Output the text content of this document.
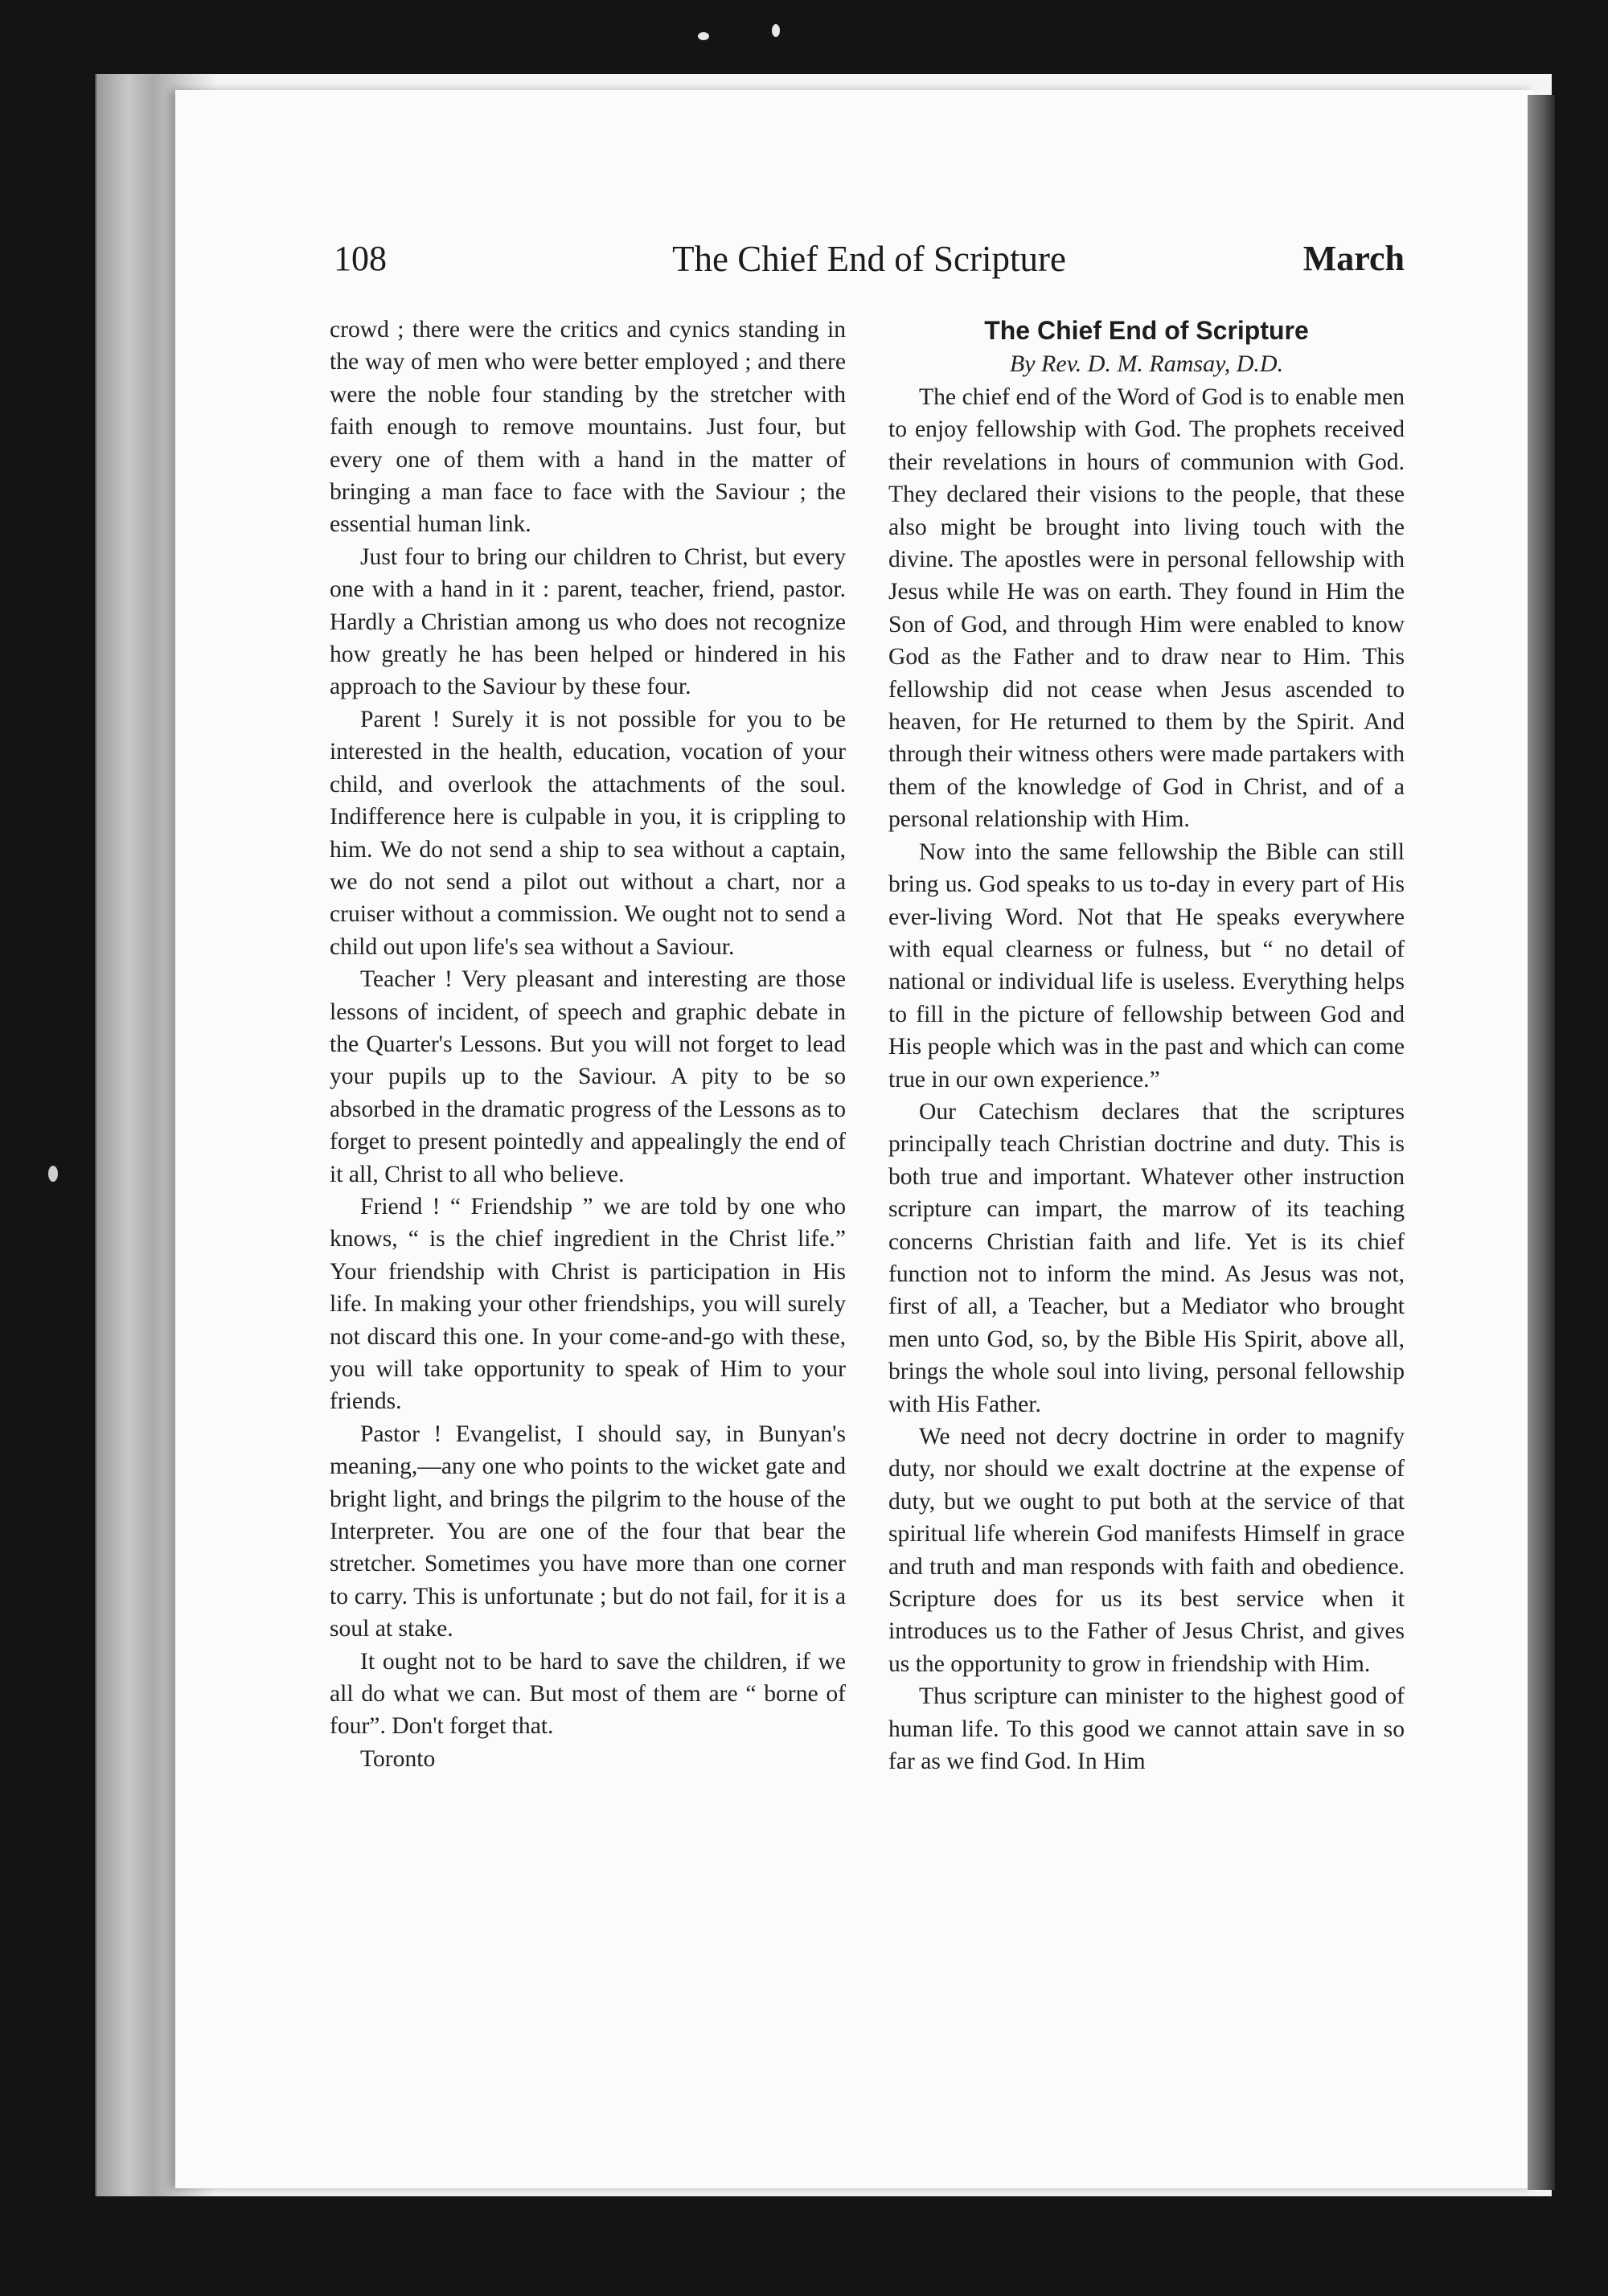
108	The Chief End of Scripture	March

crowd ; there were the critics and cynics standing in the way of men who were better employed ; and there were the noble four standing by the stretcher with faith enough to remove mountains. Just four, but every one of them with a hand in the matter of bringing a man face to face with the Saviour ; the essential human link.

Just four to bring our children to Christ, but every one with a hand in it : parent, teacher, friend, pastor. Hardly a Christian among us who does not recognize how greatly he has been helped or hindered in his approach to the Saviour by these four.

Parent ! Surely it is not possible for you to be interested in the health, education, vocation of your child, and overlook the attachments of the soul. Indifference here is culpable in you, it is crippling to him. We do not send a ship to sea without a captain, we do not send a pilot out without a chart, nor a cruiser without a commission. We ought not to send a child out upon life's sea without a Saviour.

Teacher ! Very pleasant and interesting are those lessons of incident, of speech and graphic debate in the Quarter's Lessons. But you will not forget to lead your pupils up to the Saviour. A pity to be so absorbed in the dramatic progress of the Lessons as to forget to present pointedly and appealingly the end of it all, Christ to all who believe.

Friend ! “ Friendship ” we are told by one who knows, “ is the chief ingredient in the Christ life.” Your friendship with Christ is participation in His life. In making your other friendships, you will surely not discard this one. In your come-and-go with these, you will take opportunity to speak of Him to your friends.

Pastor ! Evangelist, I should say, in Bunyan's meaning,—any one who points to the wicket gate and bright light, and brings the pilgrim to the house of the Interpreter. You are one of the four that bear the stretcher. Sometimes you have more than one corner to carry. This is unfortunate ; but do not fail, for it is a soul at stake.

It ought not to be hard to save the children, if we all do what we can. But most of them are “ borne of four”. Don't forget that.

Toronto

The Chief End of Scripture
By Rev. D. M. Ramsay, D.D.

The chief end of the Word of God is to enable men to enjoy fellowship with God. The prophets received their revelations in hours of communion with God. They declared their visions to the people, that these also might be brought into living touch with the divine. The apostles were in personal fellowship with Jesus while He was on earth. They found in Him the Son of God, and through Him were enabled to know God as the Father and to draw near to Him. This fellowship did not cease when Jesus ascended to heaven, for He returned to them by the Spirit. And through their witness others were made partakers with them of the knowledge of God in Christ, and of a personal relationship with Him.

Now into the same fellowship the Bible can still bring us. God speaks to us to-day in every part of His ever-living Word. Not that He speaks everywhere with equal clearness or fulness, but “ no detail of national or individual life is useless. Everything helps to fill in the picture of fellowship between God and His people which was in the past and which can come true in our own experience.”

Our Catechism declares that the scriptures principally teach Christian doctrine and duty. This is both true and important. Whatever other instruction scripture can impart, the marrow of its teaching concerns Christian faith and life. Yet is its chief function not to inform the mind. As Jesus was not, first of all, a Teacher, but a Mediator who brought men unto God, so, by the Bible His Spirit, above all, brings the whole soul into living, personal fellowship with His Father.

We need not decry doctrine in order to magnify duty, nor should we exalt doctrine at the expense of duty, but we ought to put both at the service of that spiritual life wherein God manifests Himself in grace and truth and man responds with faith and obedience. Scripture does for us its best service when it introduces us to the Father of Jesus Christ, and gives us the opportunity to grow in friendship with Him.

Thus scripture can minister to the highest good of human life. To this good we cannot attain save in so far as we find God. In Him
